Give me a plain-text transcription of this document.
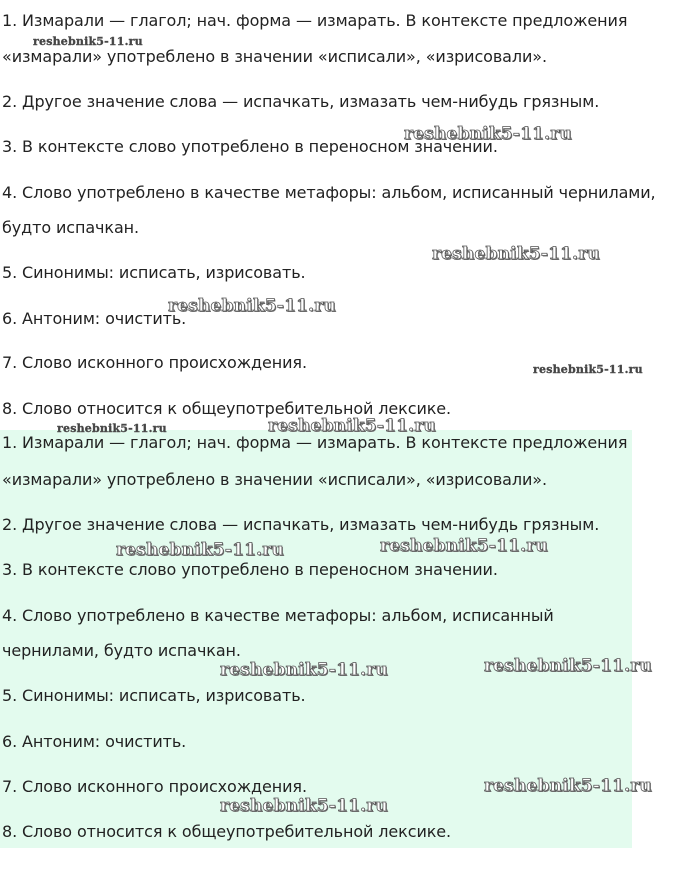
1. Измарали — глагол; нач. форма — измарать. В контексте предложения
«измарали» употреблено в значении «исписали», «изрисовали».
2. Другое значение слова — испачкать, измазать чем-нибудь грязным.
3. В контексте слово употреблено в переносном значении.
4. Слово употреблено в качестве метафоры: альбом, исписанный чернилами,
будто испачкан.
5. Синонимы: исписать, изрисовать.
6. Антоним: очистить.
7. Слово исконного происхождения.
8. Слово относится к общеупотребительной лексике.
1. Измарали — глагол; нач. форма — измарать. В контексте предложения
«измарали» употреблено в значении «исписали», «изрисовали».
2. Другое значение слова — испачкать, измазать чем-нибудь грязным.
3. В контексте слово употреблено в переносном значении.
4. Слово употреблено в качестве метафоры: альбом, исписанный
чернилами, будто испачкан.
5. Синонимы: исписать, изрисовать.
6. Антоним: очистить.
7. Слово исконного происхождения.
8. Слово относится к общеупотребительной лексике.
reshebnik5-11.ru
reshebnik5-11.ru
reshebnik5-11.ru
reshebnik5-11.ru
reshebnik5-11.ru
reshebnik5-11.ru	reshebnik5-11.ru
reshebnik5-11.ru	reshebnik5-11.ru
reshebnik5-11.ru	reshebnik5-11.ru
reshebnik5-11.ru
reshebnik5-11.ru
